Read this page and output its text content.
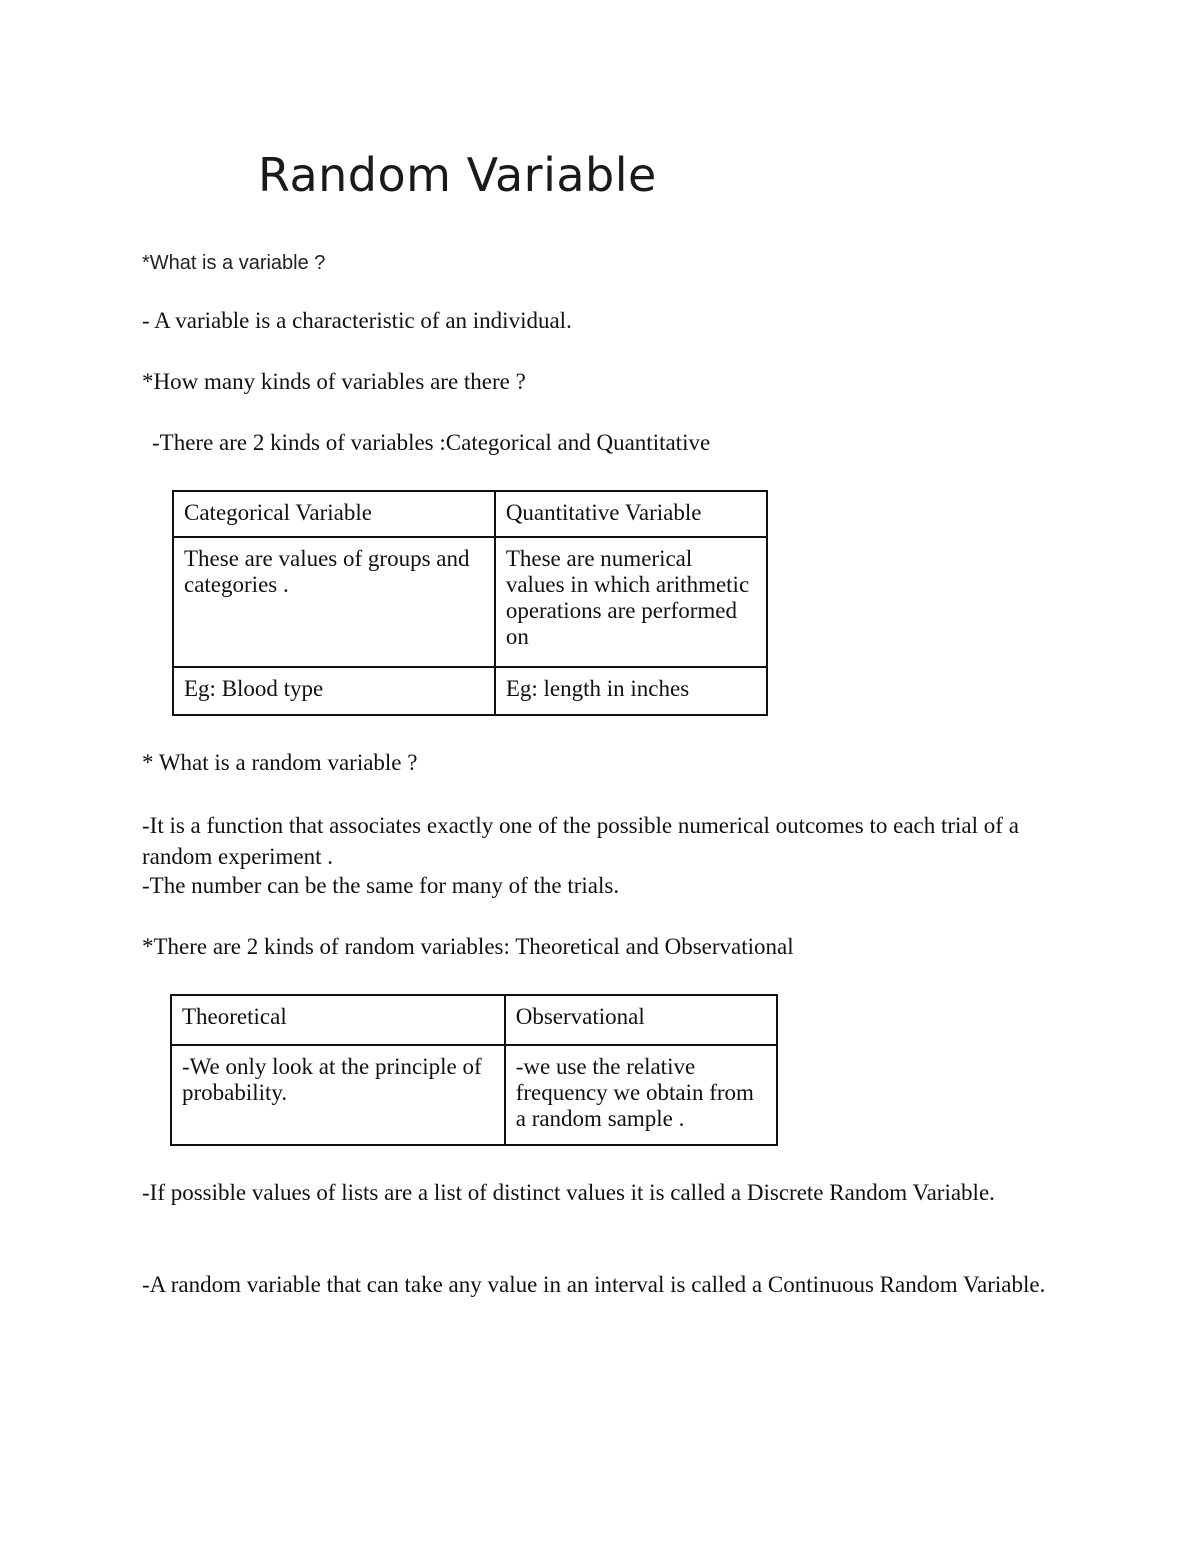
Random Variable
*What is a variable ?
- A variable is a characteristic of an individual.
*How many kinds of variables are there ?
-There are 2 kinds of variables :Categorical and Quantitative
Categorical Variable	Quantitative Variable
These are values of groups and categories .	These are numerical values in which arithmetic operations are performed on
Eg: Blood type	Eg: length in inches
* What is a random variable ?
-It is a function that associates exactly one of the possible numerical outcomes to each trial of a random experiment .
-The number can be the same for many of the trials.
*There are 2 kinds of random variables: Theoretical and Observational
Theoretical	Observational
-We only look at the principle of probability.	-we use the relative frequency we obtain from a random sample .
-If possible values of lists are a list of distinct values it is called a Discrete Random Variable.
-A random variable that can take any value in an interval is called a Continuous Random Variable.
